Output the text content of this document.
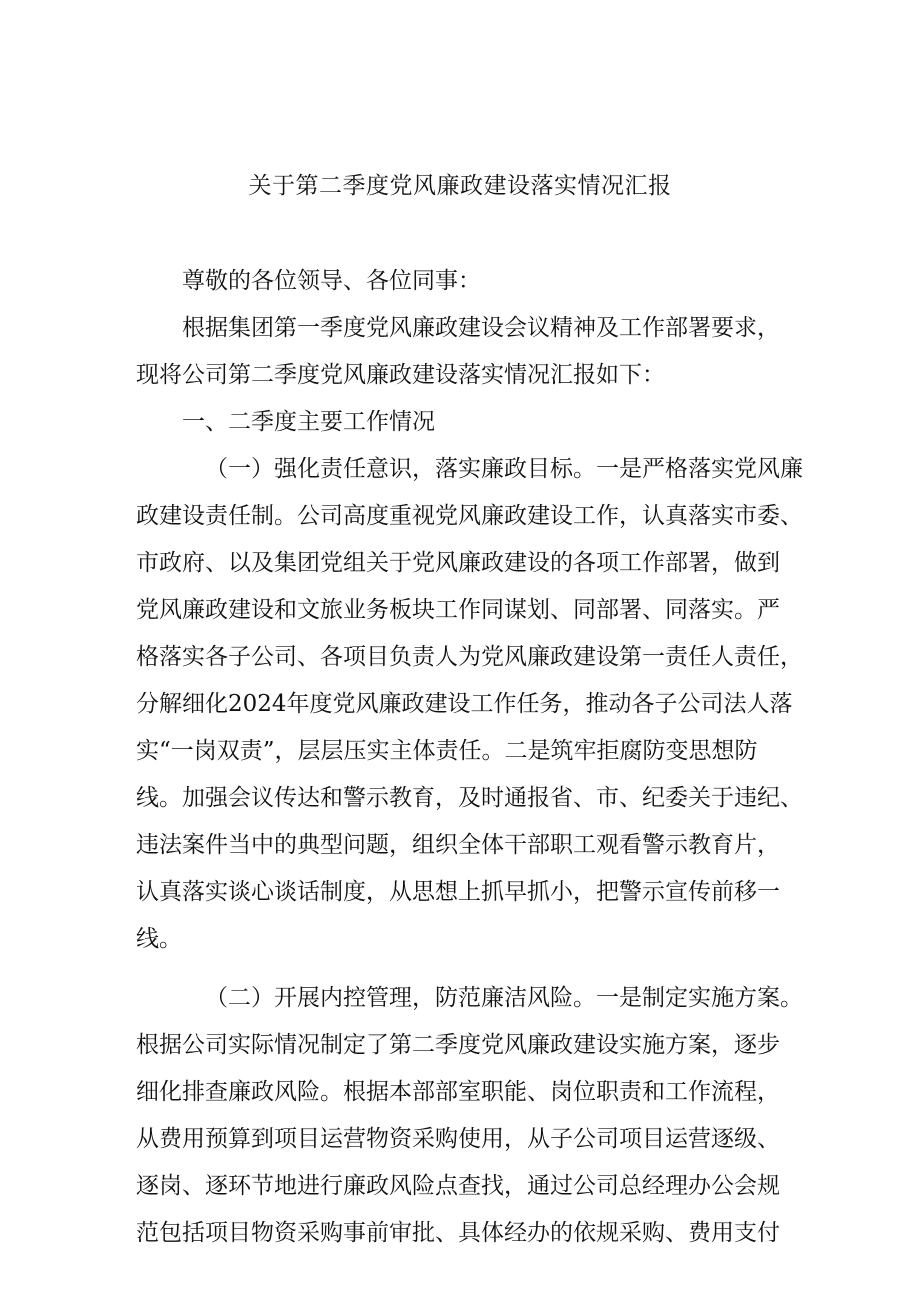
关于第二季度党风廉政建设落实情况汇报
尊敬的各位领导、各位同事：
根据集团第一季度党风廉政建设会议精神及工作部署要求，
现将公司第二季度党风廉政建设落实情况汇报如下：
一、二季度主要工作情况
（一）强化责任意识，落实廉政目标。一是严格落实党风廉
政建设责任制。公司高度重视党风廉政建设工作，认真落实市委、
市政府、以及集团党组关于党风廉政建设的各项工作部署，做到
党风廉政建设和文旅业务板块工作同谋划、同部署、同落实。严
格落实各子公司、各项目负责人为党风廉政建设第一责任人责任，
分解细化2024年度党风廉政建设工作任务，推动各子公司法人落
实“一岗双责”，层层压实主体责任。二是筑牢拒腐防变思想防
线。加强会议传达和警示教育，及时通报省、市、纪委关于违纪、
违法案件当中的典型问题，组织全体干部职工观看警示教育片，
认真落实谈心谈话制度，从思想上抓早抓小，把警示宣传前移一
线。
（二）开展内控管理，防范廉洁风险。一是制定实施方案。
根据公司实际情况制定了第二季度党风廉政建设实施方案，逐步
细化排查廉政风险。根据本部部室职能、岗位职责和工作流程，
从费用预算到项目运营物资采购使用，从子公司项目运营逐级、
逐岗、逐环节地进行廉政风险点查找，通过公司总经理办公会规
范包括项目物资采购事前审批、具体经办的依规采购、费用支付
